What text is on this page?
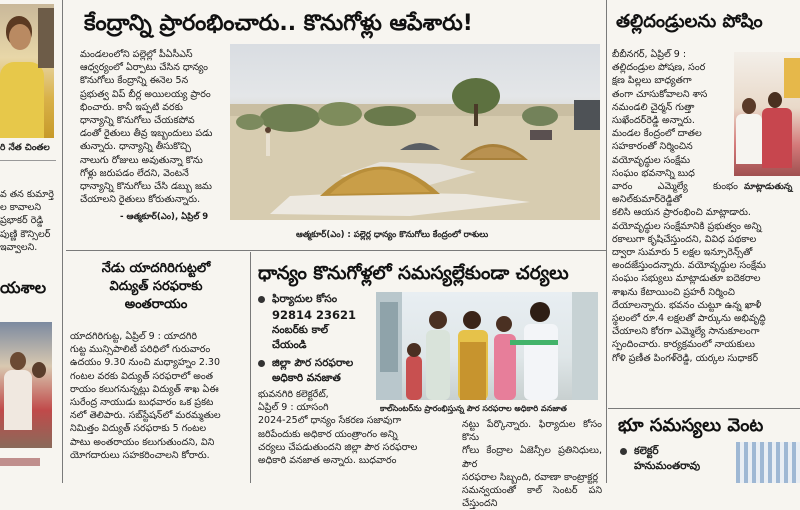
రి నేత చింతల

వ తన కుమార్తె

ల కావాలని

ప్రభాకర్ రెడ్డి

పుణ్ణి కౌన్సిలర్

ఇవ్వాలని.

యశాల
కేంద్రాన్ని ప్రారంభించారు.. కొనుగోళ్లు ఆపేశారు!

మండలంలోని పల్లెల్లో పీఏసీఎస్

ఆధ్వర్యంలో ఏర్పాటు చేసిన ధాన్యం

కొనుగోలు కేంద్రాన్ని ఈనెల 5న

ప్రభుత్వ విప్ బీర్ల అయిలయ్య ప్రారం

భించారు. కానీ ఇప్పటి వరకు

ధాన్యాన్ని కొనుగోలు చేయకపోవ

డంతో రైతులు తీవ్ర ఇబ్బందులు పడు

తున్నారు. ధాన్యాన్ని తీసుకొచ్చి

నాలుగు రోజులు అవుతున్నా కొను

గోళ్లు జరుపడం లేదని, వెంటనే

ధాన్యాన్ని కొనుగోలు చేసి డబ్బు జమ

చేయాలని రైతులు కోరుతున్నారు.

- ఆత్మకూర్(ఎం), ఏప్రిల్ 9
ఆత్మకూర్(ఎం) : పల్లెర్ల ధాన్యం కొనుగోలు కేంద్రంలో రాశులు
తల్లిదండ్రులను పోషిం

బీబీనగర్, ఏప్రిల్ 9 :

తల్లిదండ్రుల పోషణ, సంర

క్షణ పిల్లలు బాధ్యతగా

తంగా చూసుకోవాలని శాస

నమండలి చైర్మన్ గుత్తా

సుఖేందర్‌రెడ్డి అన్నారు.

మండల కేంద్రంలో దాతల

సహకారంతో నిర్మించిన

వయోవృద్ధుల సంక్షేమ

సంఘం భవనాన్ని బుధ

మాట్లాడుతున్న

వారం ఎమ్మెల్యే కుంభం అనిల్‌కుమార్‌రెడ్డితో

కలిసి ఆయన ప్రారంభించి మాట్లాడారు.

వయోవృద్ధుల సంక్షేమానికి ప్రభుత్వం అన్ని

రకాలుగా కృషిచేస్తుందని, వివిధ పథకాల

ద్వారా సుమారు 5 లక్షల ఇన్సూరెన్స్‌తో

అందజేస్తుందన్నారు. వయోవృద్ధుల సంక్షేమ

సంఘం సభ్యులు మాట్లాడుతూ ఐదెకరాల

శాఖను కేటాయించి ప్రహరీ నిర్మించి

దేయాలన్నారు. భవనం చుట్టూ ఉన్న ఖాళీ

స్థలంలో రూ.4 లక్షలతో పార్కును అభివృద్ధి

చేయాలని కోరగా ఎమ్మెల్యే సానుకూలంగా

స్పందించారు. కార్యక్రమంలో నాయకులు

గోళి ప్రణీత పింగళ్‌రెడ్డి, యర్కల సుధాకర్

భూ సమస్యలు వెంట
కలెక్టర్
హనుమంతరావు
నేడు యాదగిరిగుట్టలో
విద్యుత్ సరఫరాకు
అంతరాయం

యాదగిరిగుట్ట, ఏప్రిల్ 9 : యాదగిరి

గుట్ట మున్సిపాలిటీ పరిధిలో గురువారం

ఉదయం 9.30 నుంచి మధ్యాహ్నం 2.30

గంటల వరకు విద్యుత్ సరఫరాలో అంత

రాయం కలుగనున్నట్లు విద్యుత్ శాఖ ఏఈ

సురేంద్ర నాయుడు బుధవారం ఒక ప్రకట

నలో తెలిపారు. సబ్‌స్టేషన్‌లో మరమ్మతుల

నిమిత్తం విద్యుత్ సరఫరాకు 5 గంటల

పాటు అంతరాయం కలుగుతుందని, విని

యోగదారులు సహకరించాలని కోరారు.

ధాన్యం కొనుగోళ్లలో సమస్యల్లేకుండా చర్యలు
ఫిర్యాదుల కోసం
92814 23621
నంబర్‌కు కాల్
చేయండి
జిల్లా పౌర సరఫరాల
అధికారి వనజాత
కాల్‌సెంటర్‌ను ప్రారంభిస్తున్న పౌర సరఫరాల అధికారి వనజాత

భువనగిరి కలెక్టరేట్,

ఏప్రిల్ 9 : యాసంగి

2024-25లో ధాన్యం సేకరణ సజావుగా

జరిపేందుకు అధికార యంత్రాంగం అన్ని

చర్యలు చేపడుతుందని జిల్లా పౌర సరఫరాల

అధికారి వనజాత అన్నారు. బుధవారం

నట్టు పేర్కొన్నారు. ఫిర్యాదుల కోసం కొను

గోలు కేంద్రాల ఏజెన్సీల ప్రతినిధులు, పౌర

సరఫరాల సిబ్బంది, రవాణా కాంట్రాక్టర్ల

సమన్వయంతో కాల్ సెంటర్ పని చేస్తుందని
